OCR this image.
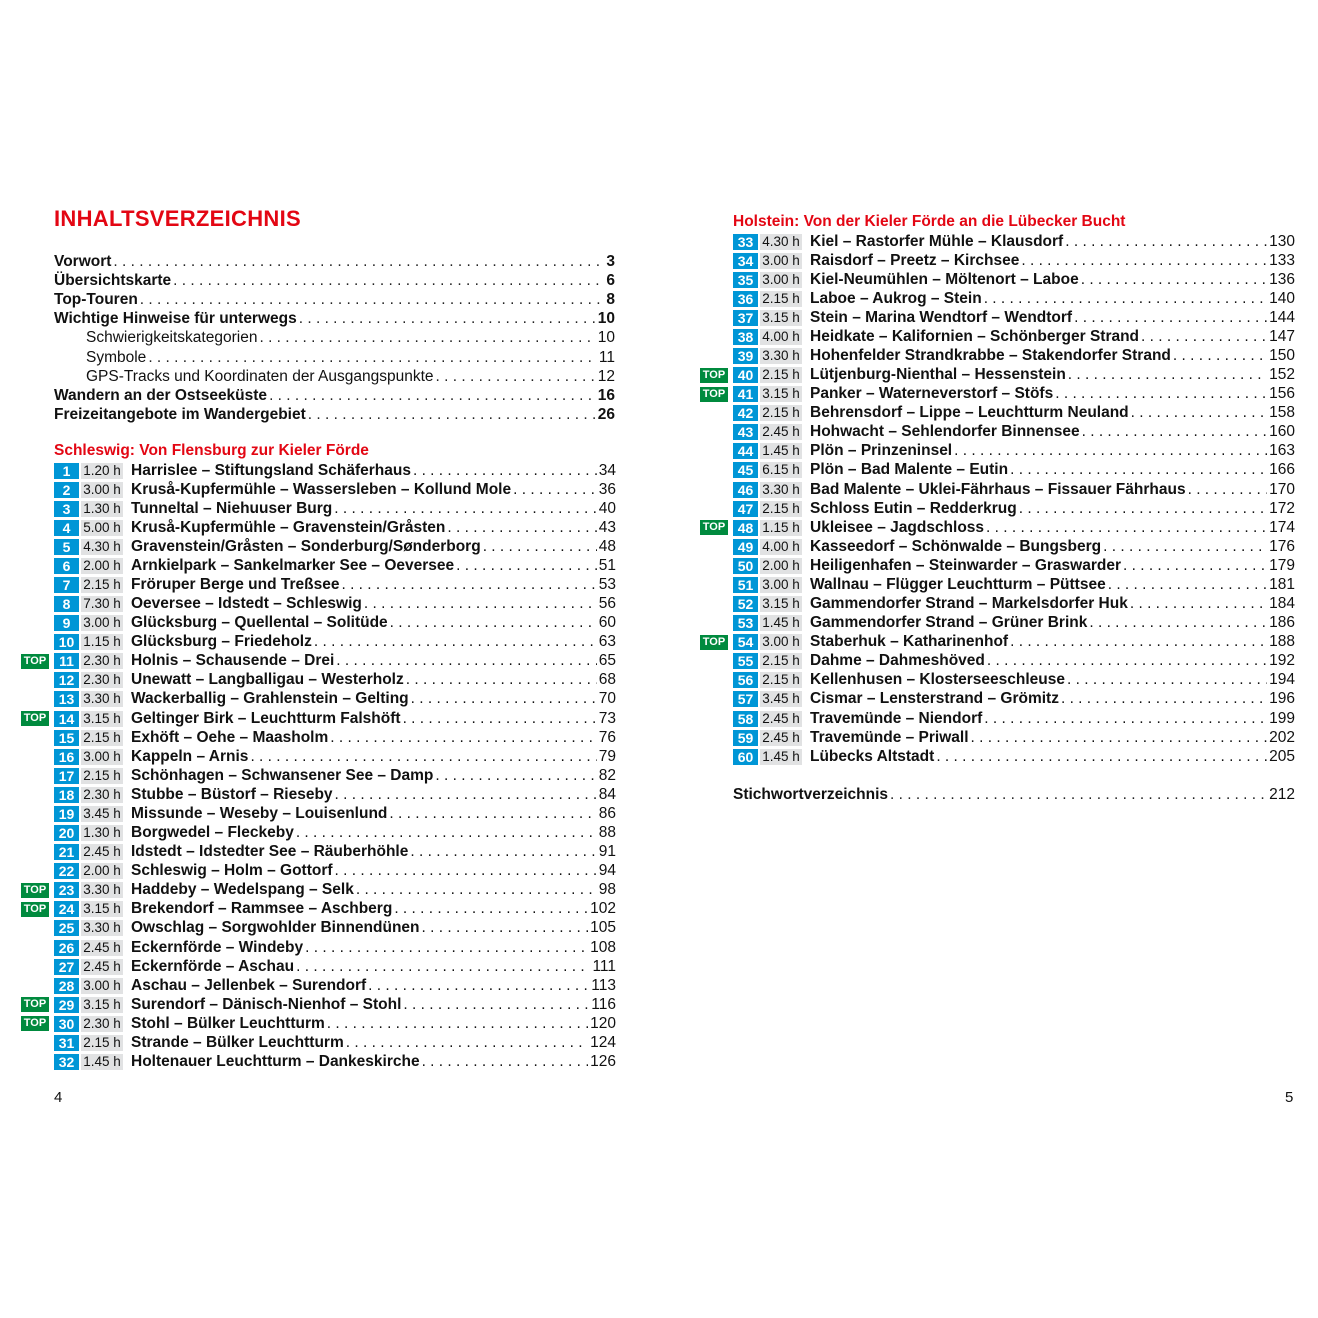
INHALTSVERZEICHNIS
Vorwort . . .	3
Übersichtskarte . . .	6
Top-Touren . . .	8
Wichtige Hinweise für unterwegs . . .	10
Schwierigkeitskategorien . . .	10
Symbole . . .	11
GPS-Tracks und Koordinaten der Ausgangspunkte . . .	12
Wandern an der Ostseeküste . . .	16
Freizeitangebote im Wandergebiet . . .	26
Schleswig: Von Flensburg zur Kieler Förde
1 1.20 h Harrislee – Stiftungsland Schäferhaus . . .	34
2 3.00 h Kruså-Kupfermühle – Wassersleben – Kollund Mole . . .	36
3 1.30 h Tunneltal – Niehuuser Burg . . .	40
4 5.00 h Kruså-Kupfermühle – Gravenstein/Gråsten . . .	43
5 4.30 h Gravenstein/Gråsten – Sonderburg/Sønderborg . . .	48
6 2.00 h Arnkielpark – Sankelmarker See – Oeversee . . .	51
7 2.15 h Fröruper Berge und Treßsee . . .	53
8 7.30 h Oeversee – Idstedt – Schleswig . . .	56
9 3.00 h Glücksburg – Quellental – Solitüde . . .	60
10 1.15 h Glücksburg – Friedeholz . . .	63
TOP 11 2.30 h Holnis – Schausende – Drei . . .	65
12 2.30 h Unewatt – Langballigau – Westerholz . . .	68
13 3.30 h Wackerballig – Grahlenstein – Gelting . . .	70
TOP 14 3.15 h Geltinger Birk – Leuchtturm Falshöft . . .	73
15 2.15 h Exhöft – Oehe – Maasholm . . .	76
16 3.00 h Kappeln – Arnis . . .	79
17 2.15 h Schönhagen – Schwansener See – Damp . . .	82
18 2.30 h Stubbe – Büstorf – Rieseby . . .	84
19 3.45 h Missunde – Weseby – Louisenlund . . .	86
20 1.30 h Borgwedel – Fleckeby . . .	88
21 2.45 h Idstedt – Idstedter See – Räuberhöhle . . .	91
22 2.00 h Schleswig – Holm – Gottorf . . .	94
TOP 23 3.30 h Haddeby – Wedelspang – Selk . . .	98
TOP 24 3.15 h Brekendorf – Rammsee – Aschberg . . .	102
25 3.30 h Owschlag – Sorgwohlder Binnendünen . . .	105
26 2.45 h Eckernförde – Windeby . . .	108
27 2.45 h Eckernförde – Aschau . . .	111
28 3.00 h Aschau – Jellenbek – Surendorf . . .	113
TOP 29 3.15 h Surendorf – Dänisch-Nienhof – Stohl . . .	116
TOP 30 2.30 h Stohl – Bülker Leuchtturm . . .	120
31 2.15 h Strande – Bülker Leuchtturm . . .	124
32 1.45 h Holtenauer Leuchtturm – Dankeskirche . . .	126
4
Holstein: Von der Kieler Förde an die Lübecker Bucht
33 4.30 h Kiel – Rastorfer Mühle – Klausdorf . . .	130
34 3.00 h Raisdorf – Preetz – Kirchsee . . .	133
35 3.00 h Kiel-Neumühlen – Möltenort – Laboe . . .	136
36 2.15 h Laboe – Aukrog – Stein . . .	140
37 3.15 h Stein – Marina Wendtorf – Wendtorf . . .	144
38 4.00 h Heidkate – Kalifornien – Schönberger Strand . . .	147
39 3.30 h Hohenfelder Strandkrabbe – Stakendorfer Strand . . .	150
TOP 40 2.15 h Lütjenburg-Nienthal – Hessenstein . . .	152
TOP 41 3.15 h Panker – Waterneverstorf – Stöfs . . .	156
42 2.15 h Behrensdorf – Lippe – Leuchtturm Neuland . . .	158
43 2.45 h Hohwacht – Sehlendorfer Binnensee . . .	160
44 1.45 h Plön – Prinzeninsel . . .	163
45 6.15 h Plön – Bad Malente – Eutin . . .	166
46 3.30 h Bad Malente – Uklei-Fährhaus – Fissauer Fährhaus . . .	170
47 2.15 h Schloss Eutin – Redderkrug . . .	172
TOP 48 1.15 h Ukleisee – Jagdschloss . . .	174
49 4.00 h Kasseedorf – Schönwalde – Bungsberg . . .	176
50 2.00 h Heiligenhafen – Steinwarder – Graswarder . . .	179
51 3.00 h Wallnau – Flügger Leuchtturm – Püttsee . . .	181
52 3.15 h Gammendorfer Strand – Markelsdorfer Huk . . .	184
53 1.45 h Gammendorfer Strand – Grüner Brink . . .	186
TOP 54 3.00 h Staberhuk – Katharinenhof . . .	188
55 2.15 h Dahme – Dahmeshöved . . .	192
56 2.15 h Kellenhusen – Klosterseeschleuse . . .	194
57 3.45 h Cismar – Lensterstrand – Grömitz . . .	196
58 2.45 h Travemünde – Niendorf . . .	199
59 2.45 h Travemünde – Priwall . . .	202
60 1.45 h Lübecks Altstadt . . .	205
Stichwortverzeichnis . . .	212
5
